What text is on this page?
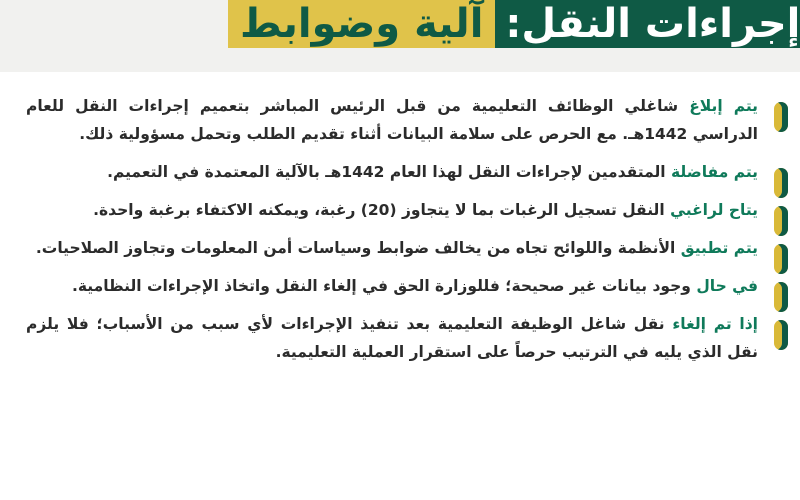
إجراءات النقل:
آلية وضوابط
يتم إبلاغ شاغلي الوظائف التعليمية من قبل الرئيس المباشر بتعميم إجراءات النقل للعام الدراسي 1442هـ. مع الحرص على سلامة البيانات أثناء تقديم الطلب وتحمل مسؤولية ذلك.
يتم مفاضلة المتقدمين لإجراءات النقل لهذا العام 1442هـ بالآلية المعتمدة في التعميم.
يتاح لراغبي النقل تسجيل الرغبات بما لا يتجاوز (20) رغبة، ويمكنه الاكتفاء برغبة واحدة.
يتم تطبيق الأنظمة واللوائح تجاه من يخالف ضوابط وسياسات أمن المعلومات وتجاوز الصلاحيات.
في حال وجود بيانات غير صحيحة؛ فللوزارة الحق في إلغاء النقل واتخاذ الإجراءات النظامية.
إذا تم إلغاء نقل شاغل الوظيفة التعليمية بعد تنفيذ الإجراءات لأي سبب من الأسباب؛ فلا يلزم نقل الذي يليه في الترتيب حرصاً على استقرار العملية التعليمية.
